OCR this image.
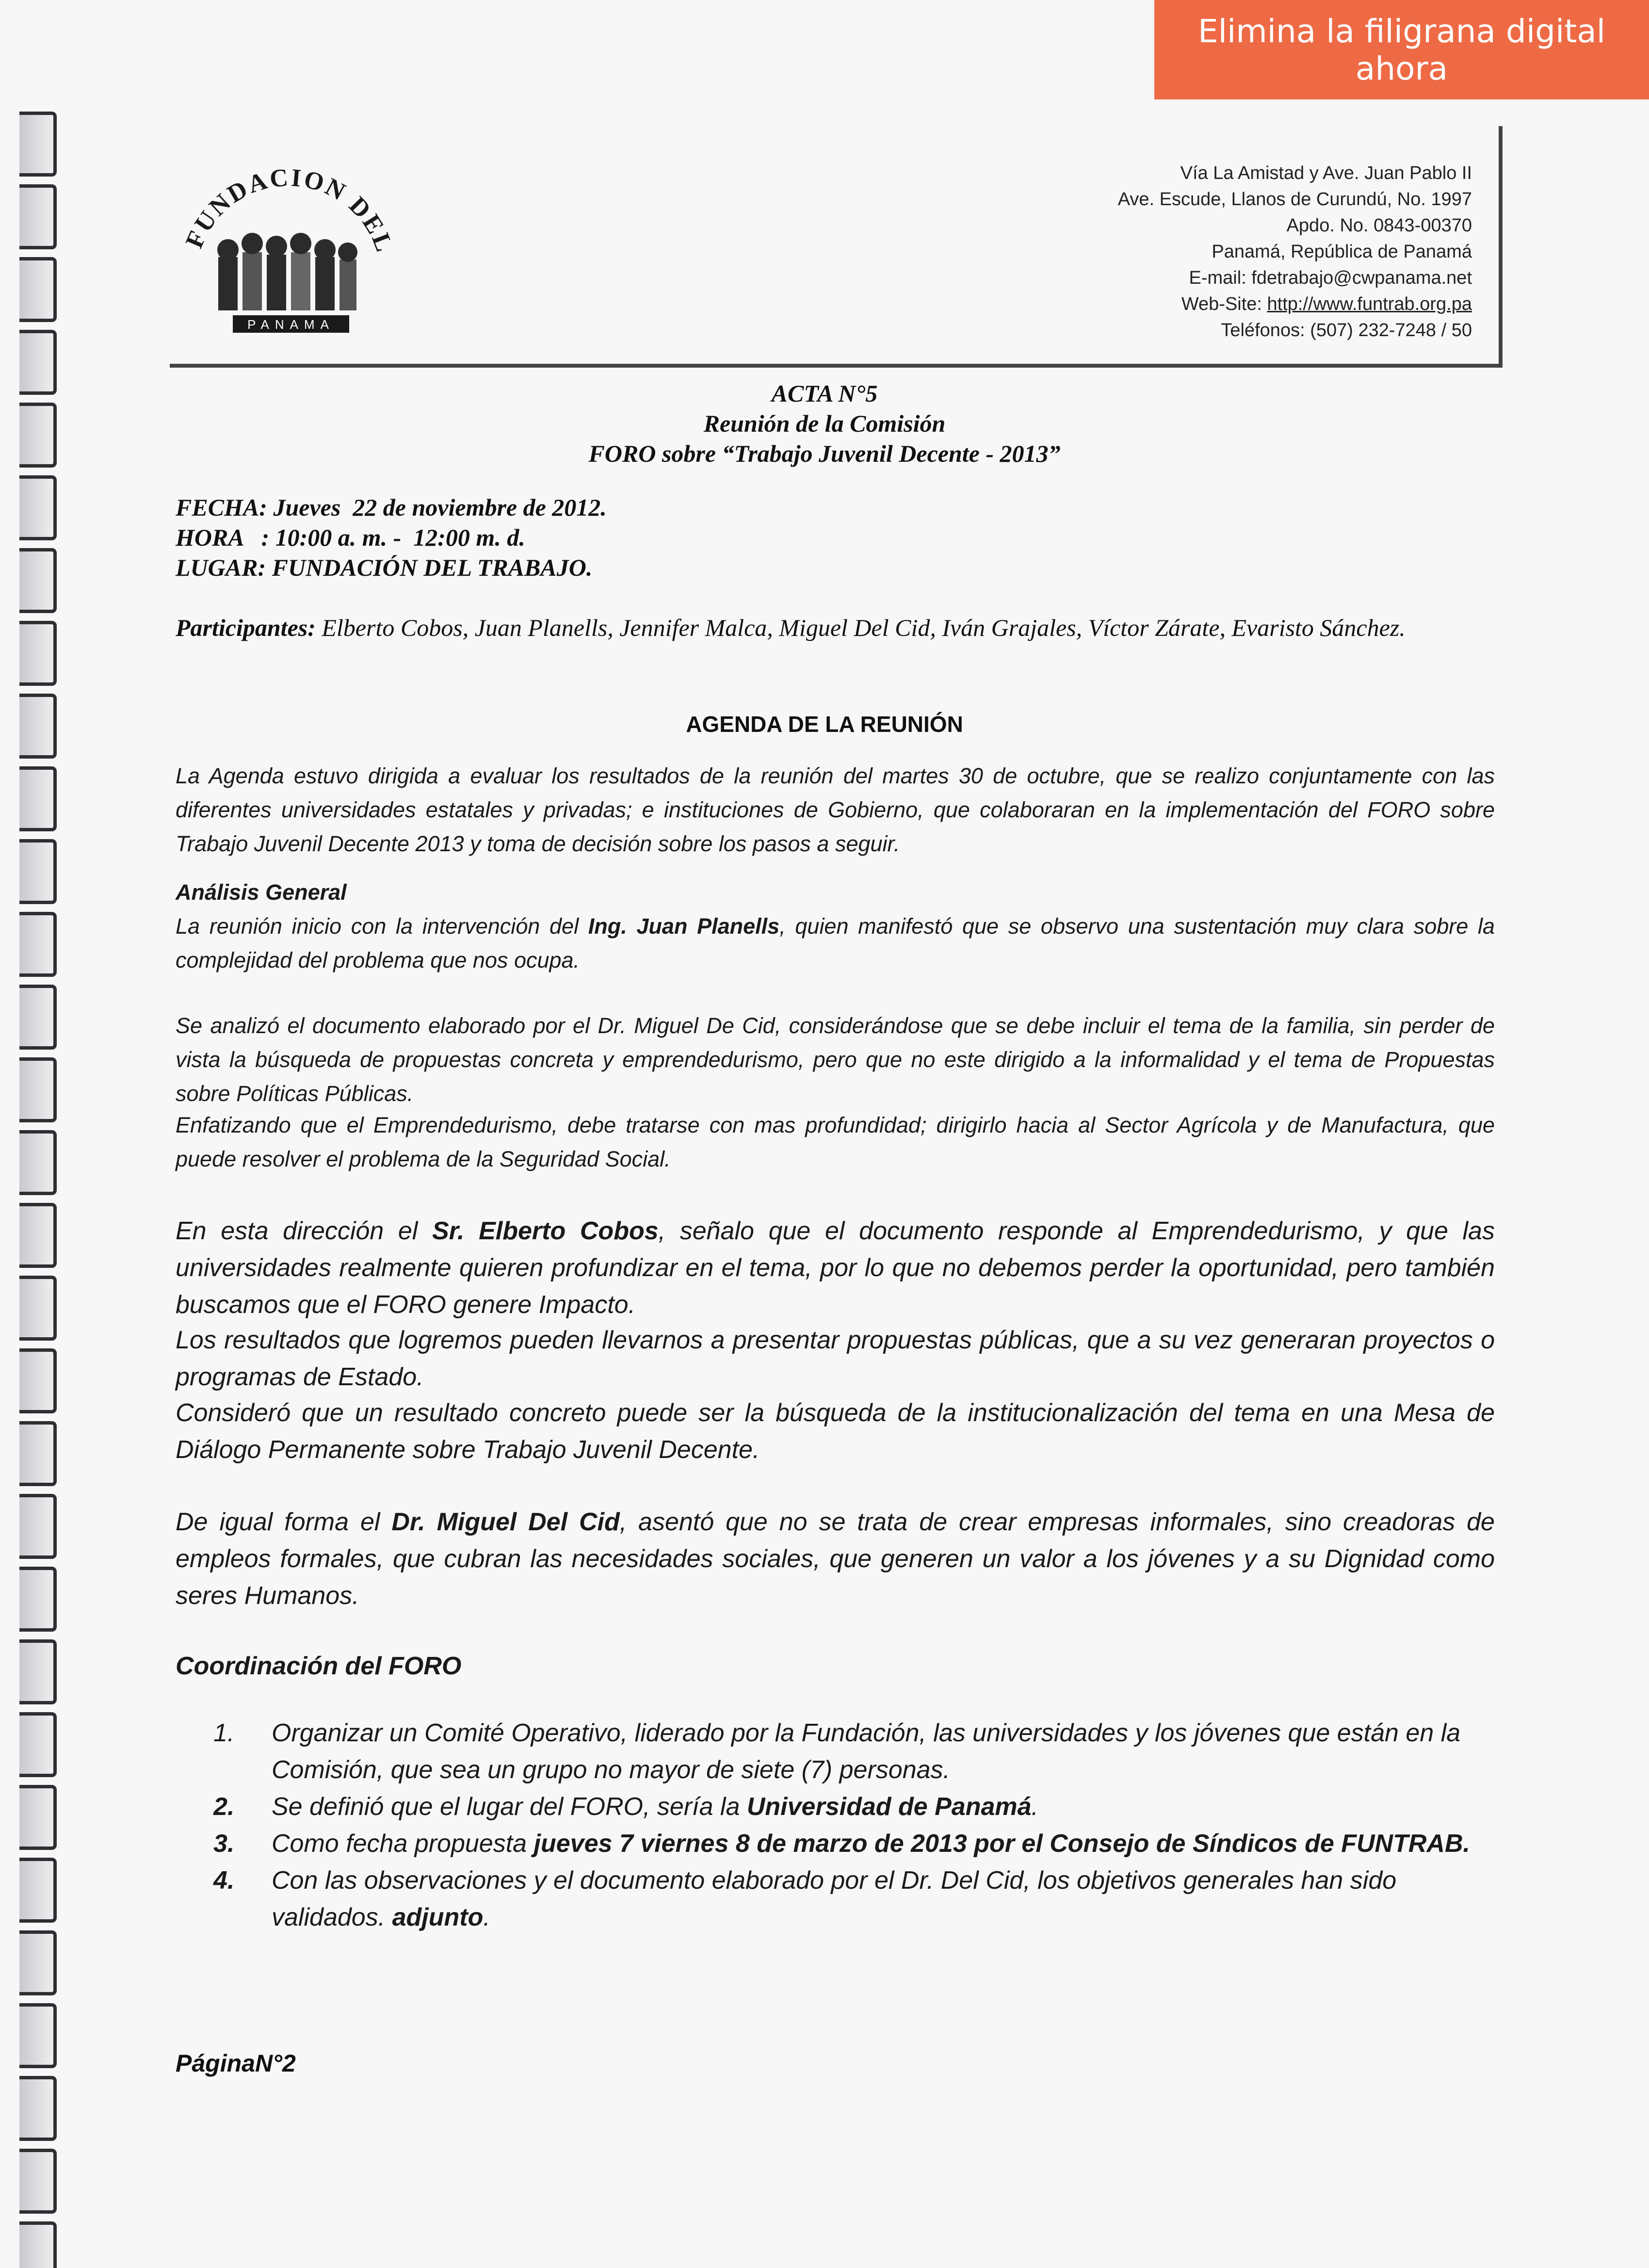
Elimina la filigrana digital ahora
FUNDACION DEL
PANAMA
Vía La Amistad y Ave. Juan Pablo II
Ave. Escude, Llanos de Curundú, No. 1997
Apdo. No. 0843-00370
Panamá, República de Panamá
E-mail: fdetrabajo@cwpanama.net
Web-Site: http://www.funtrab.org.pa
Teléfonos: (507) 232-7248 / 50
ACTA N°5
Reunión de la Comisión
FORO sobre “Trabajo Juvenil Decente - 2013”
FECHA: Jueves  22 de noviembre de 2012.
HORA   : 10:00 a. m. -  12:00 m. d.
LUGAR: FUNDACIÓN DEL TRABAJO.
Participantes: Elberto Cobos, Juan Planells, Jennifer Malca, Miguel Del Cid, Iván Grajales, Víctor Zárate, Evaristo Sánchez.
AGENDA DE LA REUNIÓN
La Agenda estuvo dirigida a evaluar los resultados de la reunión del martes 30 de octubre, que se realizo conjuntamente con las diferentes universidades estatales y privadas; e instituciones de Gobierno, que colaboraran en la implementación del FORO sobre Trabajo Juvenil Decente 2013 y toma de decisión sobre los pasos a seguir.
Análisis General
La reunión inicio con la intervención del Ing. Juan Planells, quien manifestó que se observo una sustentación muy clara sobre la complejidad del problema que nos ocupa.
Se analizó el documento elaborado por el Dr. Miguel De Cid, considerándose que se debe incluir el tema de la familia, sin perder de vista la búsqueda de propuestas concreta y emprendedurismo, pero que no este dirigido a la informalidad y el tema de Propuestas sobre Políticas Públicas.
Enfatizando que el Emprendedurismo, debe tratarse con mas profundidad; dirigirlo hacia al Sector Agrícola y de Manufactura, que puede resolver el problema de la Seguridad Social.
En esta dirección el Sr. Elberto Cobos, señalo que el documento responde al Emprendedurismo, y que las universidades realmente quieren profundizar en el tema, por lo que no debemos perder la oportunidad, pero también buscamos que el FORO genere Impacto.
Los resultados que logremos pueden llevarnos a presentar propuestas públicas, que a su vez generaran proyectos o programas de Estado.
Consideró que un resultado concreto puede ser la búsqueda de la institucionalización del tema en una Mesa de Diálogo Permanente sobre Trabajo Juvenil Decente.
De igual forma el Dr. Miguel Del Cid, asentó que no se trata de crear empresas informales, sino creadoras de empleos formales, que cubran las necesidades sociales, que generen un valor a los jóvenes y a su Dignidad como seres Humanos.
Coordinación del FORO
1. Organizar un Comité Operativo, liderado por la Fundación, las universidades y los jóvenes que están en la Comisión, que sea un grupo no mayor de siete (7) personas.
2. Se definió que el lugar del FORO, sería la Universidad de Panamá.
3. Como fecha propuesta jueves 7 viernes 8 de marzo de 2013 por el Consejo de Síndicos de FUNTRAB.
4. Con las observaciones y el documento elaborado por el Dr. Del Cid, los objetivos generales han sido validados. adjunto.
PáginaN°2
